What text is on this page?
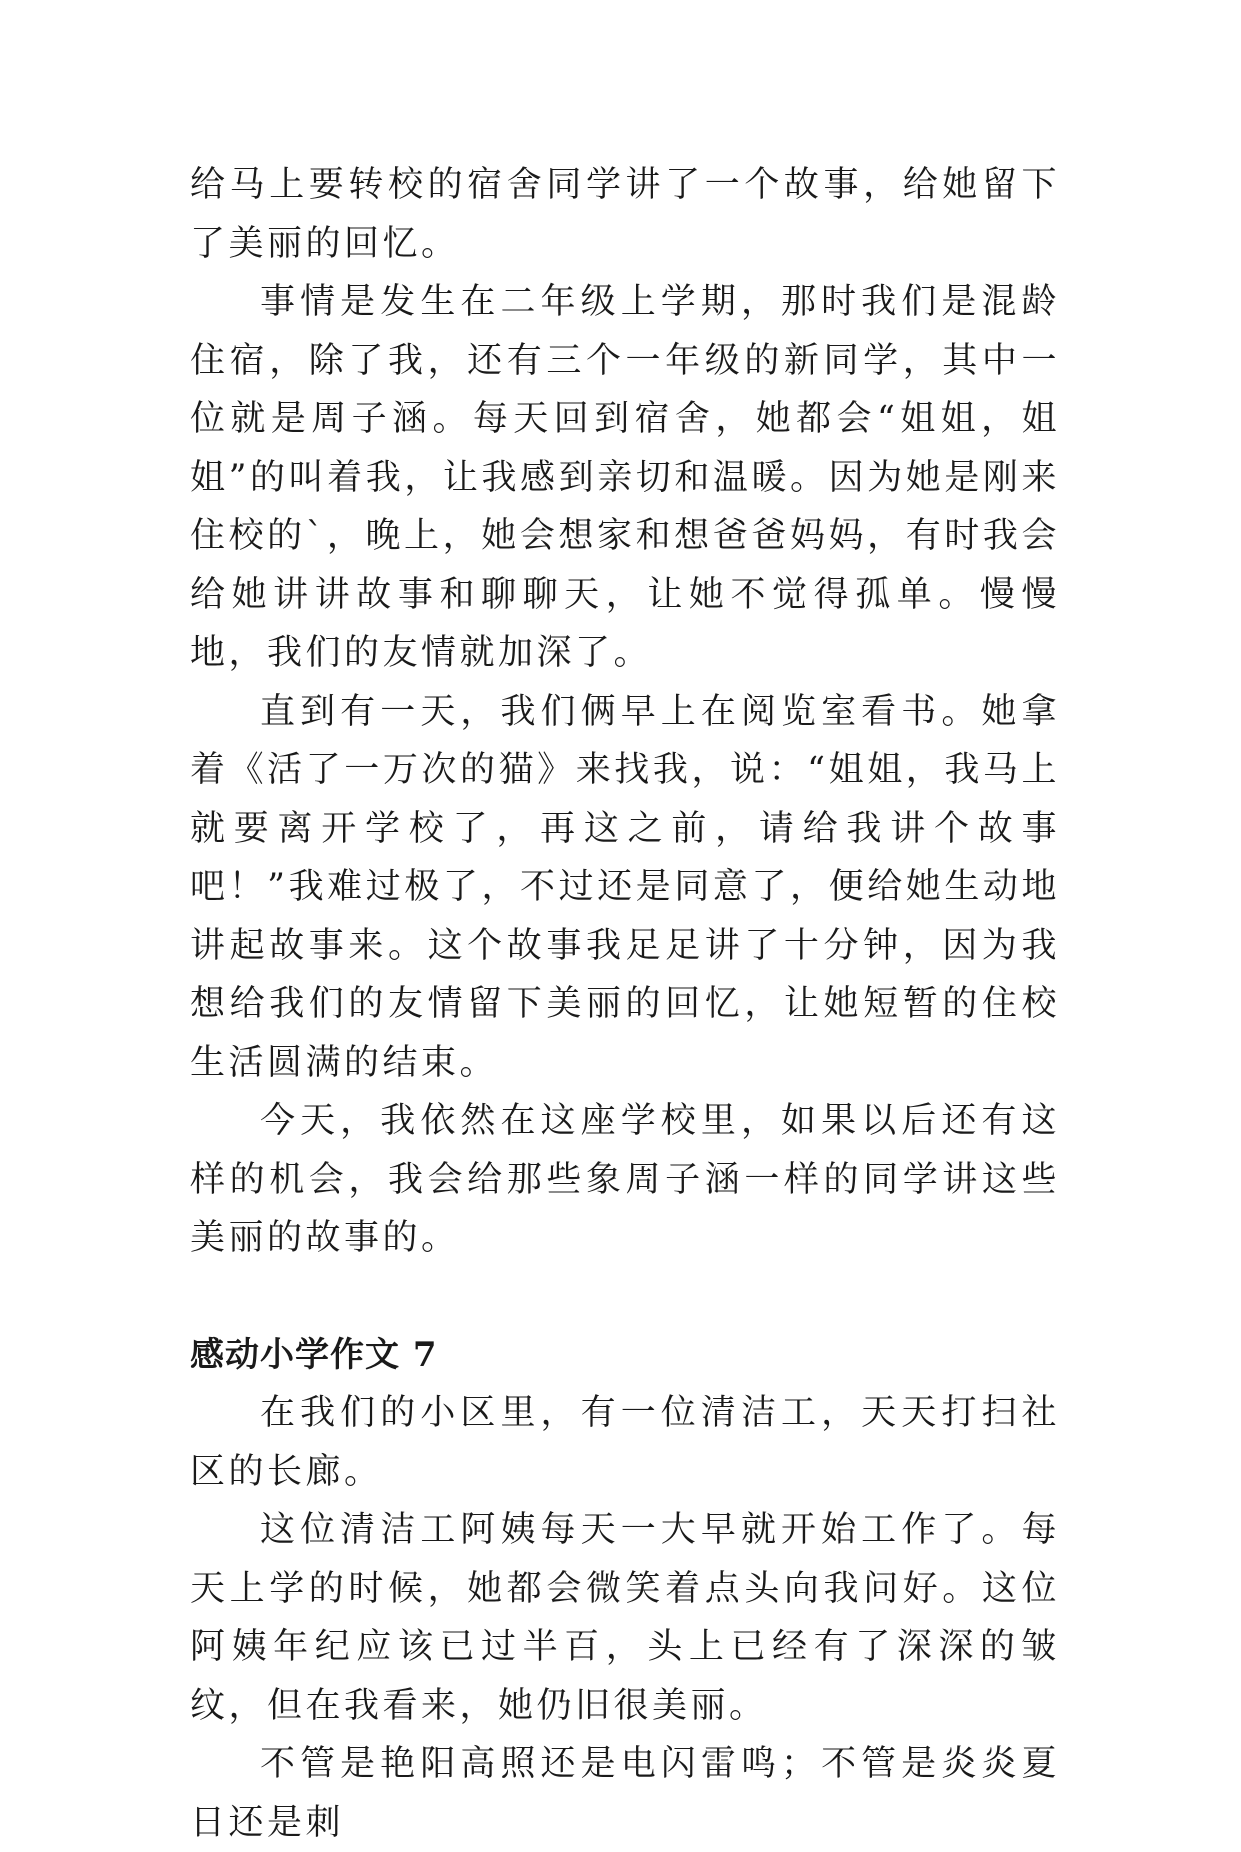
给马上要转校的宿舍同学讲了一个故事，给她留下了美丽的回忆。

事情是发生在二年级上学期，那时我们是混龄住宿，除了我，还有三个一年级的新同学，其中一位就是周子涵。每天回到宿舍，她都会“姐姐，姐姐”的叫着我，让我感到亲切和温暖。因为她是刚来住校的`，晚上，她会想家和想爸爸妈妈，有时我会给她讲讲故事和聊聊天，让她不觉得孤单。慢慢地，我们的友情就加深了。

直到有一天，我们俩早上在阅览室看书。她拿着《活了一万次的猫》来找我，说：“姐姐，我马上就要离开学校了，再这之前，请给我讲个故事吧！”我难过极了，不过还是同意了，便给她生动地讲起故事来。这个故事我足足讲了十分钟，因为我想给我们的友情留下美丽的回忆，让她短暂的住校生活圆满的结束。

今天，我依然在这座学校里，如果以后还有这样的机会，我会给那些象周子涵一样的同学讲这些美丽的故事的。

感动小学作文 7

在我们的小区里，有一位清洁工，天天打扫社区的长廊。

这位清洁工阿姨每天一大早就开始工作了。每天上学的时候，她都会微笑着点头向我问好。这位阿姨年纪应该已过半百，头上已经有了深深的皱纹，但在我看来，她仍旧很美丽。

不管是艳阳高照还是电闪雷鸣；不管是炎炎夏日还是刺
